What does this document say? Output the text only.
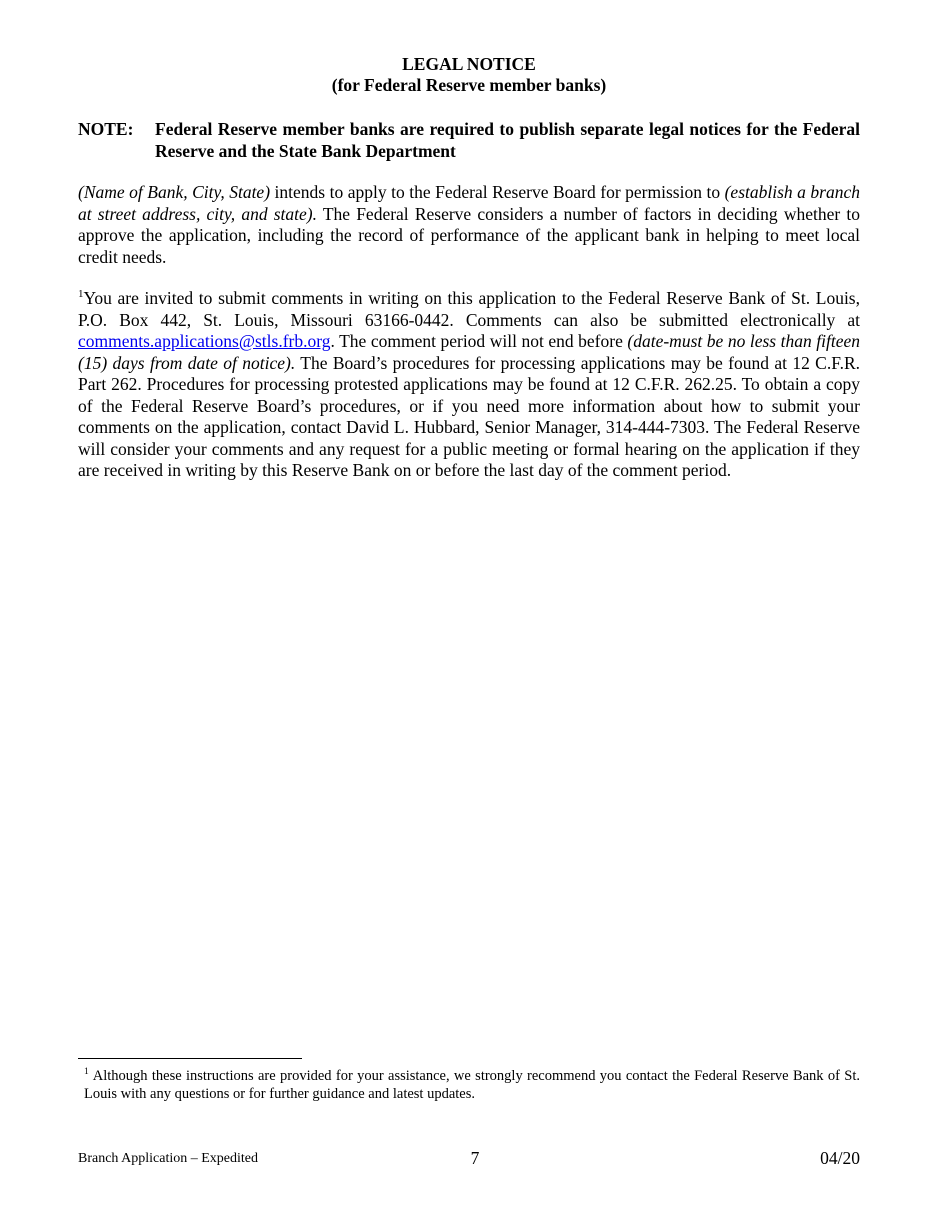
LEGAL NOTICE

(for Federal Reserve member banks)

NOTE:	Federal Reserve member banks are required to publish separate legal notices for the Federal Reserve and the State Bank Department

(Name of Bank, City, State) intends to apply to the Federal Reserve Board for permission to (establish a branch at street address, city, and state). The Federal Reserve considers a number of factors in deciding whether to approve the application, including the record of performance of the applicant bank in helping to meet local credit needs.

$^1$You are invited to submit comments in writing on this application to the Federal Reserve Bank of St. Louis, P.O. Box 442, St. Louis, Missouri 63166-0442. Comments can also be submitted electronically at comments.applications@stls.frb.org. The comment period will not end before (date-must be no less than fifteen (15) days from date of notice). The Board’s procedures for processing applications may be found at 12 C.F.R. Part 262. Procedures for processing protested applications may be found at 12 C.F.R. 262.25. To obtain a copy of the Federal Reserve Board’s procedures, or if you need more information about how to submit your comments on the application, contact David L. Hubbard, Senior Manager, 314-444-7303. The Federal Reserve will consider your comments and any request for a public meeting or formal hearing on the application if they are received in writing by this Reserve Bank on or before the last day of the comment period.

$^1$ Although these instructions are provided for your assistance, we strongly recommend you contact the Federal Reserve Bank of St. Louis with any questions or for further guidance and latest updates.
Branch Application – Expedited	7	04/20
